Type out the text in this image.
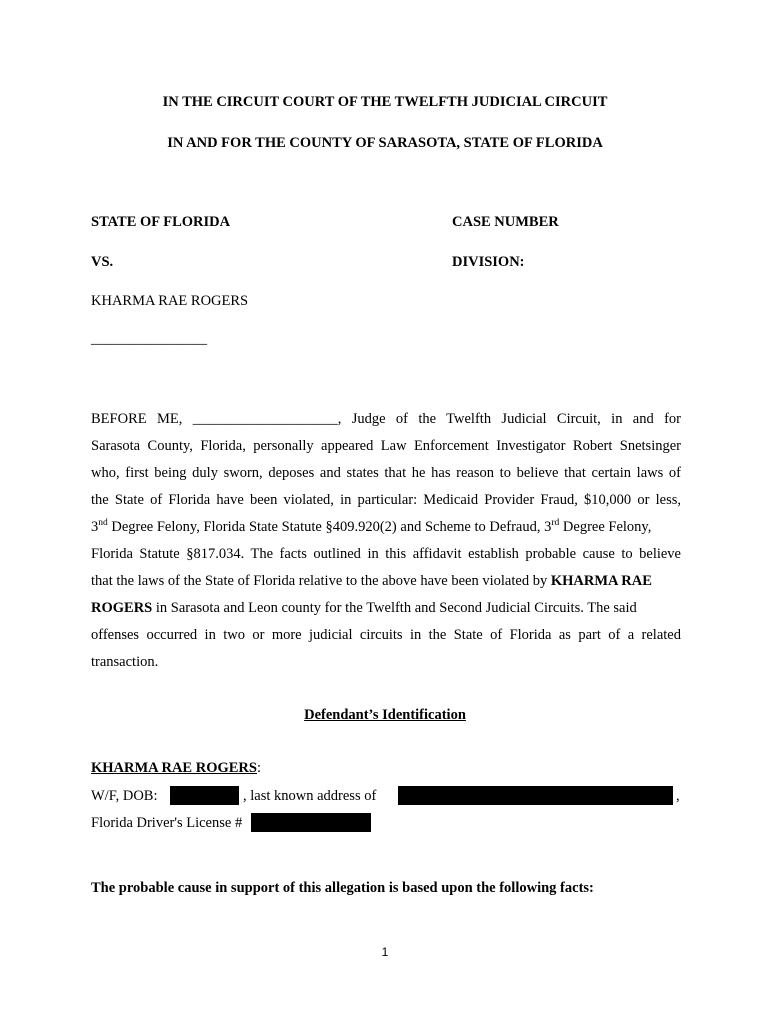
IN THE CIRCUIT COURT OF THE TWELFTH JUDICIAL CIRCUIT
IN AND FOR THE COUNTY OF SARASOTA, STATE OF FLORIDA
STATE OF FLORIDA	CASE NUMBER
VS.	DIVISION:
KHARMA RAE ROGERS
________________
BEFORE ME, ____________________, Judge of the Twelfth Judicial Circuit, in and for
Sarasota County, Florida, personally appeared Law Enforcement Investigator Robert Snetsinger
who, first being duly sworn, deposes and states that he has reason to believe that certain laws of
the State of Florida have been violated, in particular: Medicaid Provider Fraud, $10,000 or less,
3nd Degree Felony, Florida State Statute §409.920(2) and Scheme to Defraud, 3rd Degree Felony,
Florida Statute §817.034. The facts outlined in this affidavit establish probable cause to believe
that the laws of the State of Florida relative to the above have been violated by KHARMA RAE
ROGERS in Sarasota and Leon county for the Twelfth and Second Judicial Circuits. The said
offenses occurred in two or more judicial circuits in the State of Florida as part of a related
transaction.
Defendant’s Identification
KHARMA RAE ROGERS:
W/F, DOB:	, last known address of	,
Florida Driver's License #
The probable cause in support of this allegation is based upon the following facts:
1
